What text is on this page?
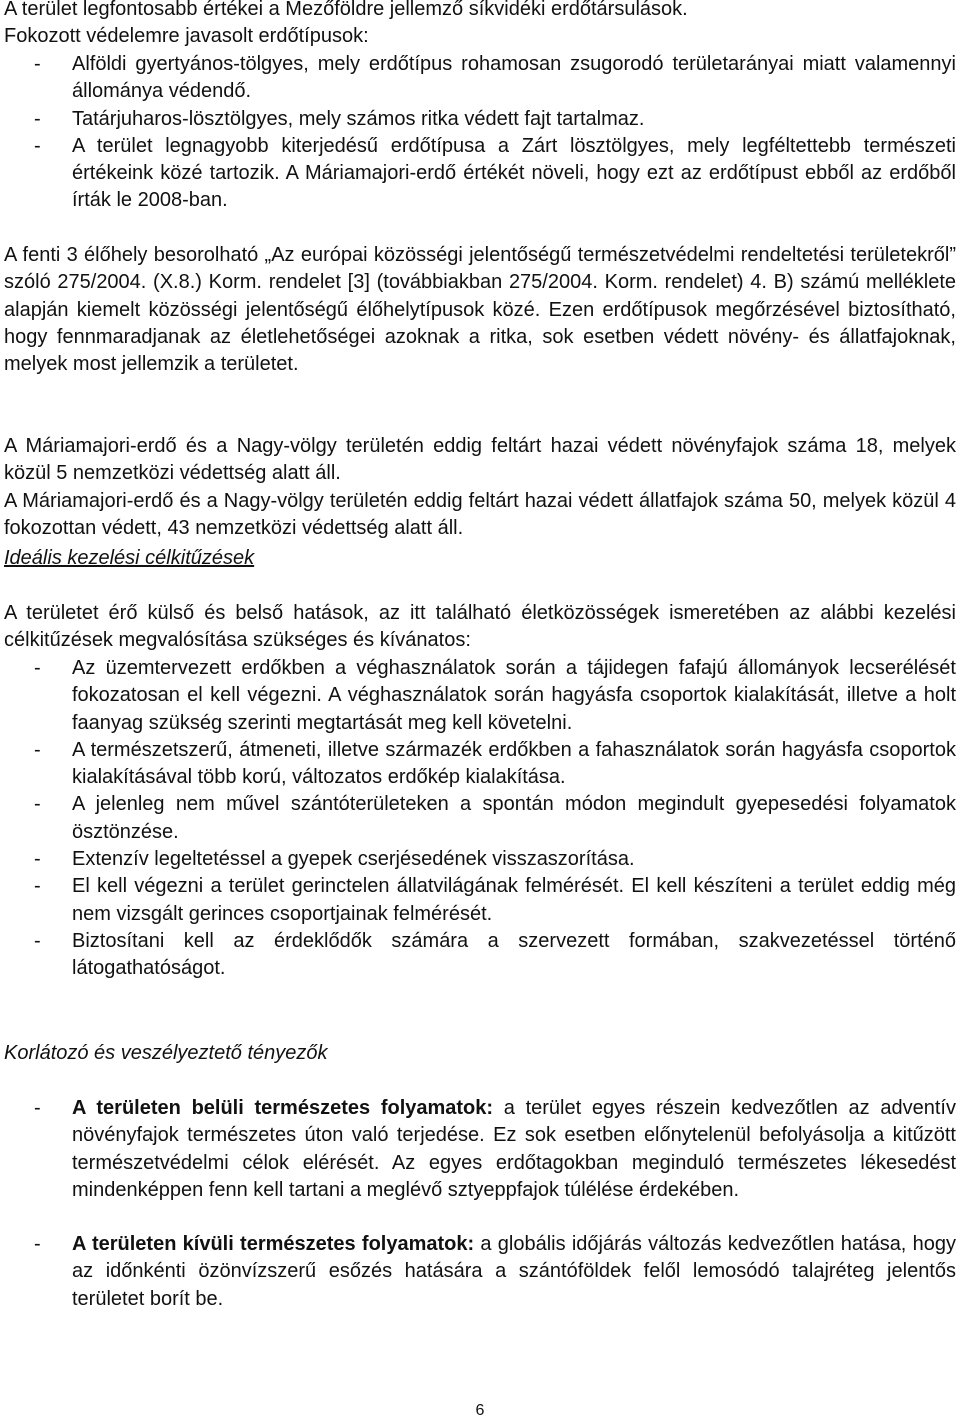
A terület legfontosabb értékei a Mezőföldre jellemző síkvidéki erdőtársulások.

Fokozott védelemre javasolt erdőtípusok:

- Alföldi gyertyános-tölgyes, mely erdőtípus rohamosan zsugorodó területarányai miatt valamennyi állománya védendő.

- Tatárjuharos-lösztölgyes, mely számos ritka védett fajt tartalmaz.

- A terület legnagyobb kiterjedésű erdőtípusa a Zárt lösztölgyes, mely legféltettebb természeti értékeink közé tartozik. A Máriamajori-erdő értékét növeli, hogy ezt az erdőtípust ebből az erdőből írták le 2008-ban.

A fenti 3 élőhely besorolható „Az európai közösségi jelentőségű természetvédelmi rendeltetési területekről” szóló 275/2004. (X.8.) Korm. rendelet [3] (továbbiakban 275/2004. Korm. rendelet) 4. B) számú melléklete alapján kiemelt közösségi jelentőségű élőhelytípusok közé. Ezen erdőtípusok megőrzésével biztosítható, hogy fennmaradjanak az életlehetőségei azoknak a ritka, sok esetben védett növény- és állatfajoknak, melyek most jellemzik a területet.

A Máriamajori-erdő és a Nagy-völgy területén eddig feltárt hazai védett növényfajok száma 18, melyek közül 5 nemzetközi védettség alatt áll.

A Máriamajori-erdő és a Nagy-völgy területén eddig feltárt hazai védett állatfajok száma 50, melyek közül 4 fokozottan védett, 43 nemzetközi védettség alatt áll.

Ideális kezelési célkitűzések

A területet érő külső és belső hatások, az itt található életközösségek ismeretében az alábbi kezelési célkitűzések megvalósítása szükséges és kívánatos:

- Az üzemtervezett erdőkben a véghasználatok során a tájidegen fafajú állományok lecserélését fokozatosan el kell végezni. A véghasználatok során hagyásfa csoportok kialakítását, illetve a holt faanyag szükség szerinti megtartását meg kell követelni.

- A természetszerű, átmeneti, illetve származék erdőkben a fahasználatok során hagyásfa csoportok kialakításával több korú, változatos erdőkép kialakítása.

- A jelenleg nem művel szántóterületeken a spontán módon megindult gyepesedési folyamatok ösztönzése.

- Extenzív legeltetéssel a gyepek cserjésedének visszaszorítása.

- El kell végezni a terület gerinctelen állatvilágának felmérését. El kell készíteni a terület eddig még nem vizsgált gerinces csoportjainak felmérését.

- Biztosítani kell az érdeklődők számára a szervezett formában, szakvezetéssel történő látogathatóságot.

Korlátozó és veszélyeztető tényezők

- A területen belüli természetes folyamatok: a terület egyes részein kedvezőtlen az adventív növényfajok természetes úton való terjedése. Ez sok esetben előnytelenül befolyásolja a kitűzött természetvédelmi célok elérését. Az egyes erdőtagokban meginduló természetes lékesedést mindenképpen fenn kell tartani a meglévő sztyeppfajok túlélése érdekében.

- A területen kívüli természetes folyamatok: a globális időjárás változás kedvezőtlen hatása, hogy az időnkénti özönvízszerű esőzés hatására a szántóföldek felől lemosódó talajréteg jelentős területet borít be.

6
